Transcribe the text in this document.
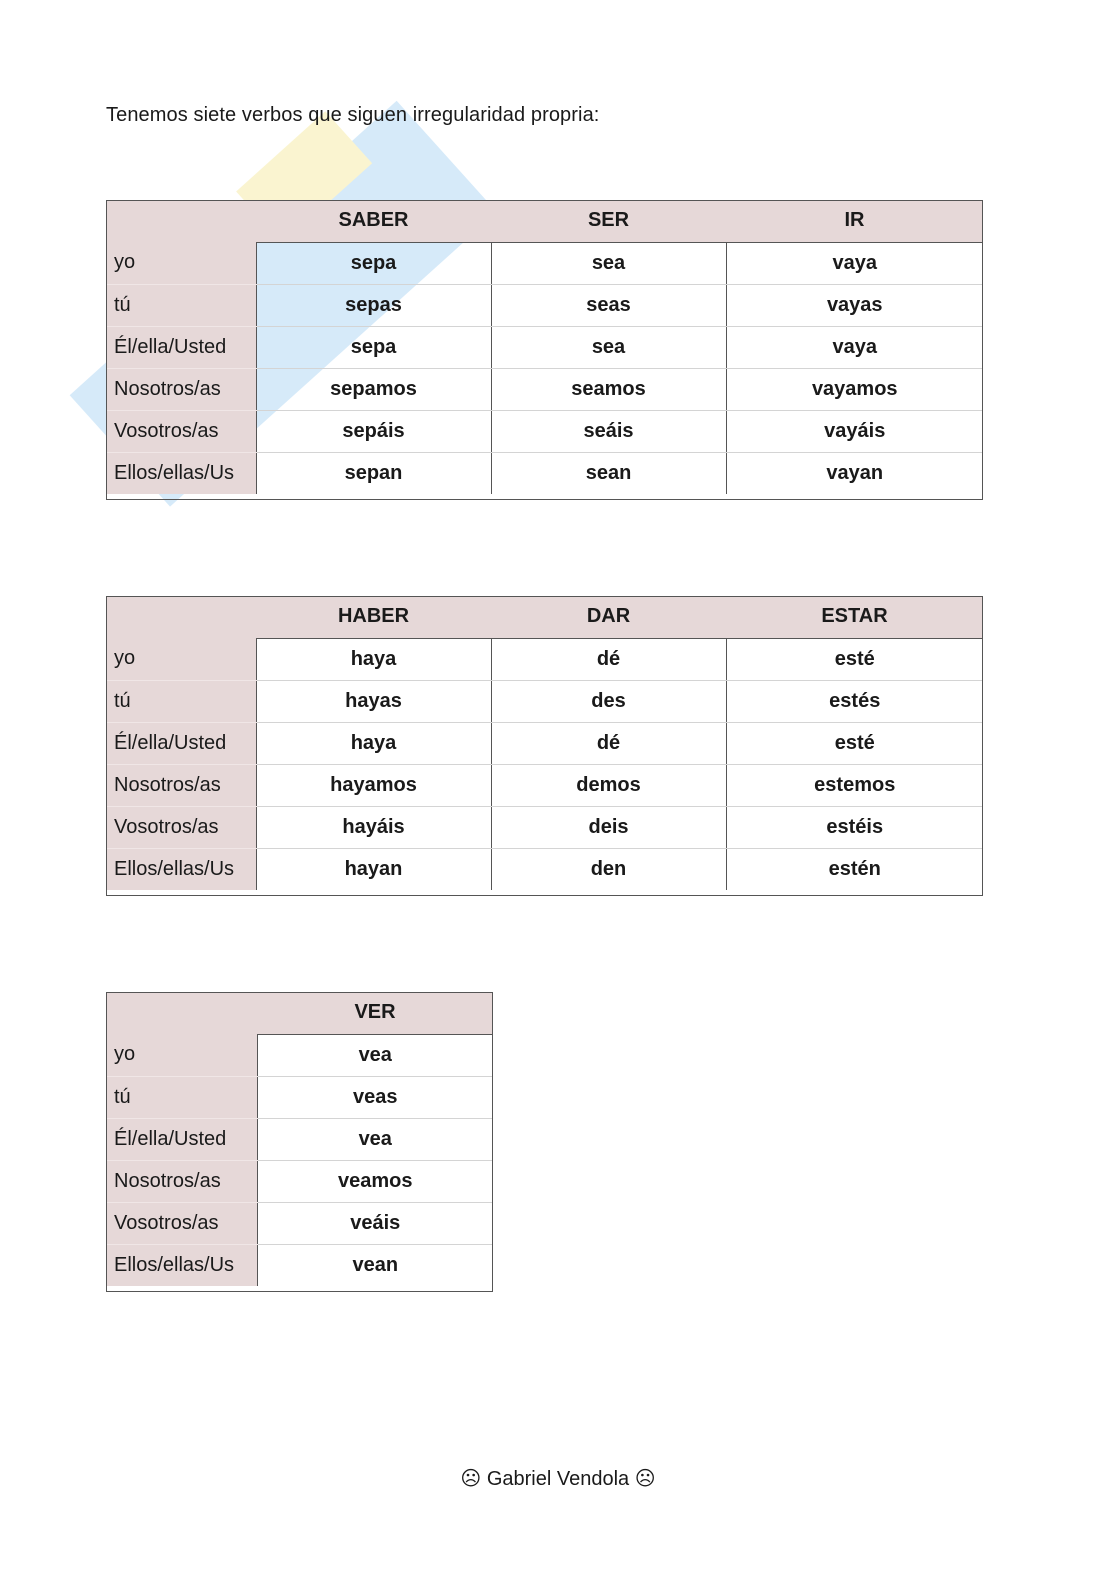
Tenemos siete verbos que siguen irregularidad propria:
	SABER	SER	IR
yo	sepa	sea	vaya
tú	sepas	seas	vayas
Él/ella/Usted	sepa	sea	vaya
Nosotros/as	sepamos	seamos	vayamos
Vosotros/as	sepáis	seáis	vayáis
Ellos/ellas/Us	sepan	sean	vayan
	HABER	DAR	ESTAR
yo	haya	dé	esté
tú	hayas	des	estés
Él/ella/Usted	haya	dé	esté
Nosotros/as	hayamos	demos	estemos
Vosotros/as	hayáis	deis	estéis
Ellos/ellas/Us	hayan	den	estén
	VER
yo	vea
tú	veas
Él/ella/Usted	vea
Nosotros/as	veamos
Vosotros/as	veáis
Ellos/ellas/Us	vean
☹ Gabriel Vendola ☹
